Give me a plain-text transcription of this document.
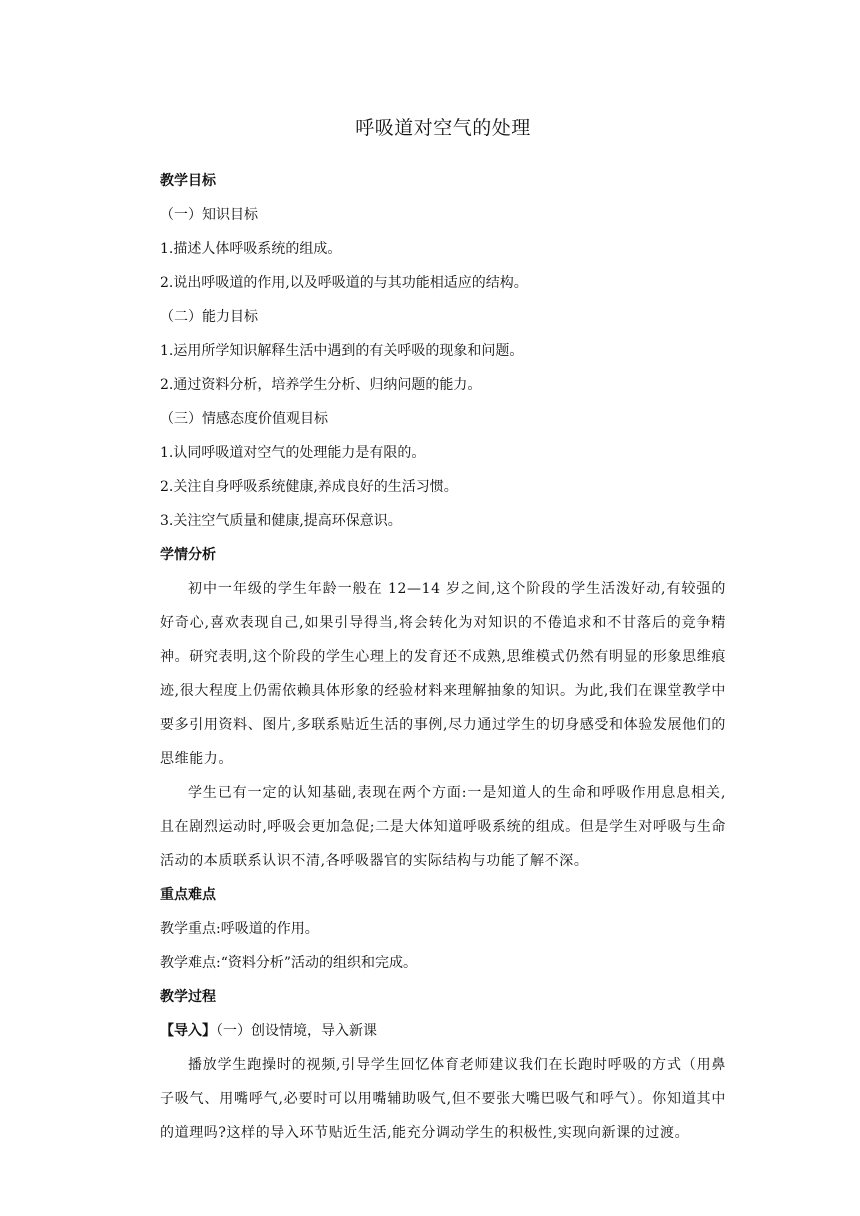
呼吸道对空气的处理
教学目标

（一）知识目标

1.描述人体呼吸系统的组成。

2.说出呼吸道的作用,以及呼吸道的与其功能相适应的结构。

（二）能力目标

1.运用所学知识解释生活中遇到的有关呼吸的现象和问题。

2.通过资料分析，培养学生分析、归纳问题的能力。

（三）情感态度价值观目标

1.认同呼吸道对空气的处理能力是有限的。

2.关注自身呼吸系统健康,养成良好的生活习惯。

3.关注空气质量和健康,提高环保意识。

学情分析

初中一年级的学生年龄一般在 12—14 岁之间,这个阶段的学生活泼好动,有较强的好奇心,喜欢表现自己,如果引导得当,将会转化为对知识的不倦追求和不甘落后的竞争精神。研究表明,这个阶段的学生心理上的发育还不成熟,思维模式仍然有明显的形象思维痕迹,很大程度上仍需依赖具体形象的经验材料来理解抽象的知识。为此,我们在课堂教学中要多引用资料、图片,多联系贴近生活的事例,尽力通过学生的切身感受和体验发展他们的思维能力。

学生已有一定的认知基础,表现在两个方面:一是知道人的生命和呼吸作用息息相关,且在剧烈运动时,呼吸会更加急促;二是大体知道呼吸系统的组成。但是学生对呼吸与生命活动的本质联系认识不清,各呼吸器官的实际结构与功能了解不深。

重点难点

教学重点:呼吸道的作用。

教学难点:“资料分析”活动的组织和完成。

教学过程

【导入】（一）创设情境，导入新课

播放学生跑操时的视频,引导学生回忆体育老师建议我们在长跑时呼吸的方式（用鼻子吸气、用嘴呼气,必要时可以用嘴辅助吸气,但不要张大嘴巴吸气和呼气）。你知道其中的道理吗?这样的导入环节贴近生活,能充分调动学生的积极性,实现向新课的过渡。
